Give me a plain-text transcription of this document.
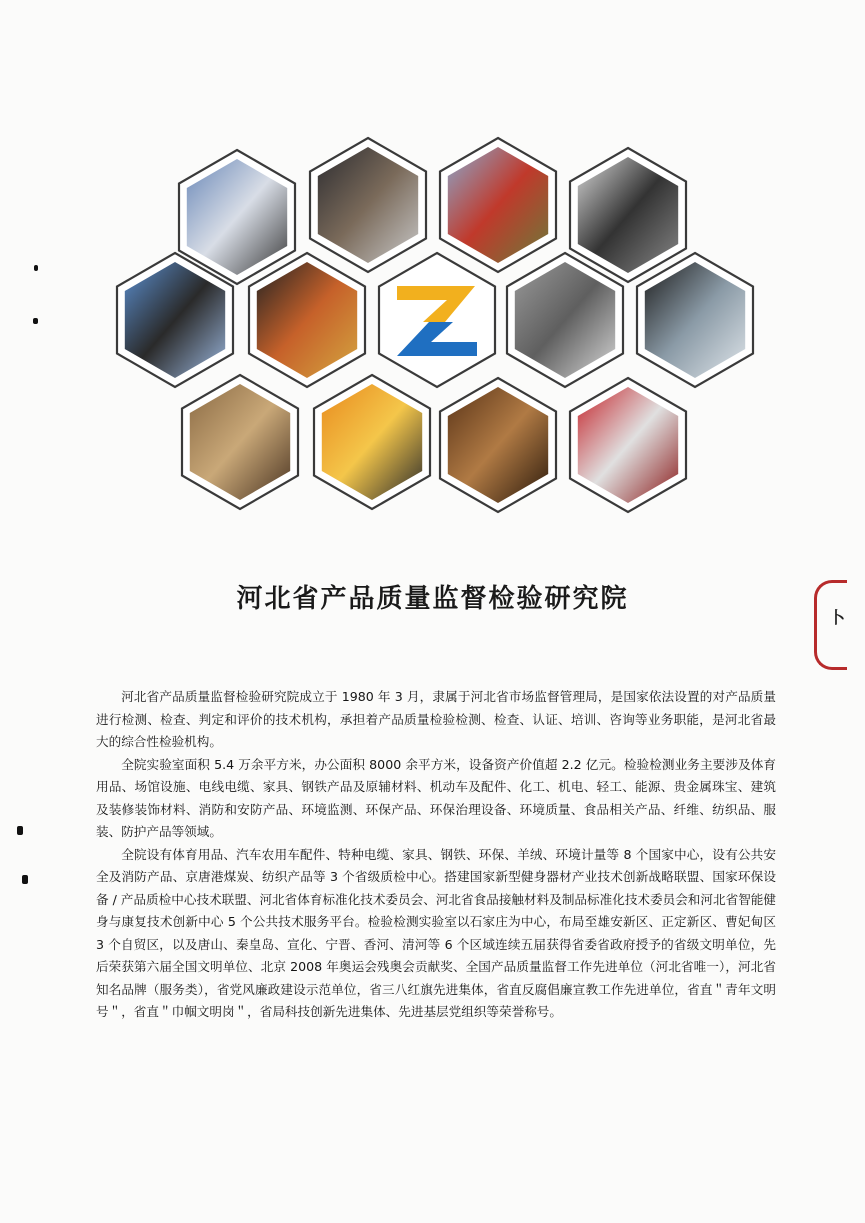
河北省产品质量监督检验研究院

河北省产品质量监督检验研究院成立于 1980 年 3 月，隶属于河北省市场监督管理局，是国家依法设置的对产品质量进行检测、检查、判定和评价的技术机构，承担着产品质量检验检测、检查、认证、培训、咨询等业务职能，是河北省最大的综合性检验机构。

全院实验室面积 5.4 万余平方米，办公面积 8000 余平方米，设备资产价值超 2.2 亿元。检验检测业务主要涉及体育用品、场馆设施、电线电缆、家具、钢铁产品及原辅材料、机动车及配件、化工、机电、轻工、能源、贵金属珠宝、建筑及装修装饰材料、消防和安防产品、环境监测、环保产品、环保治理设备、环境质量、食品相关产品、纤维、纺织品、服装、防护产品等领域。

全院设有体育用品、汽车农用车配件、特种电缆、家具、钢铁、环保、羊绒、环境计量等 8 个国家中心，设有公共安全及消防产品、京唐港煤炭、纺织产品等 3 个省级质检中心。搭建国家新型健身器材产业技术创新战略联盟、国家环保设备 / 产品质检中心技术联盟、河北省体育标准化技术委员会、河北省食品接触材料及制品标准化技术委员会和河北省智能健身与康复技术创新中心 5 个公共技术服务平台。检验检测实验室以石家庄为中心，布局至雄安新区、正定新区、曹妃甸区 3 个自贸区，以及唐山、秦皇岛、宣化、宁晋、香河、清河等 6 个区域连续五届获得省委省政府授予的省级文明单位，先后荣获第六届全国文明单位、北京 2008 年奥运会残奥会贡献奖、全国产品质量监督工作先进单位（河北省唯一），河北省知名品牌（服务类），省党风廉政建设示范单位，省三八红旗先进集体，省直反腐倡廉宣教工作先进单位，省直＂青年文明号＂，省直＂巾帼文明岗＂，省局科技创新先进集体、先进基层党组织等荣誉称号。

卜
